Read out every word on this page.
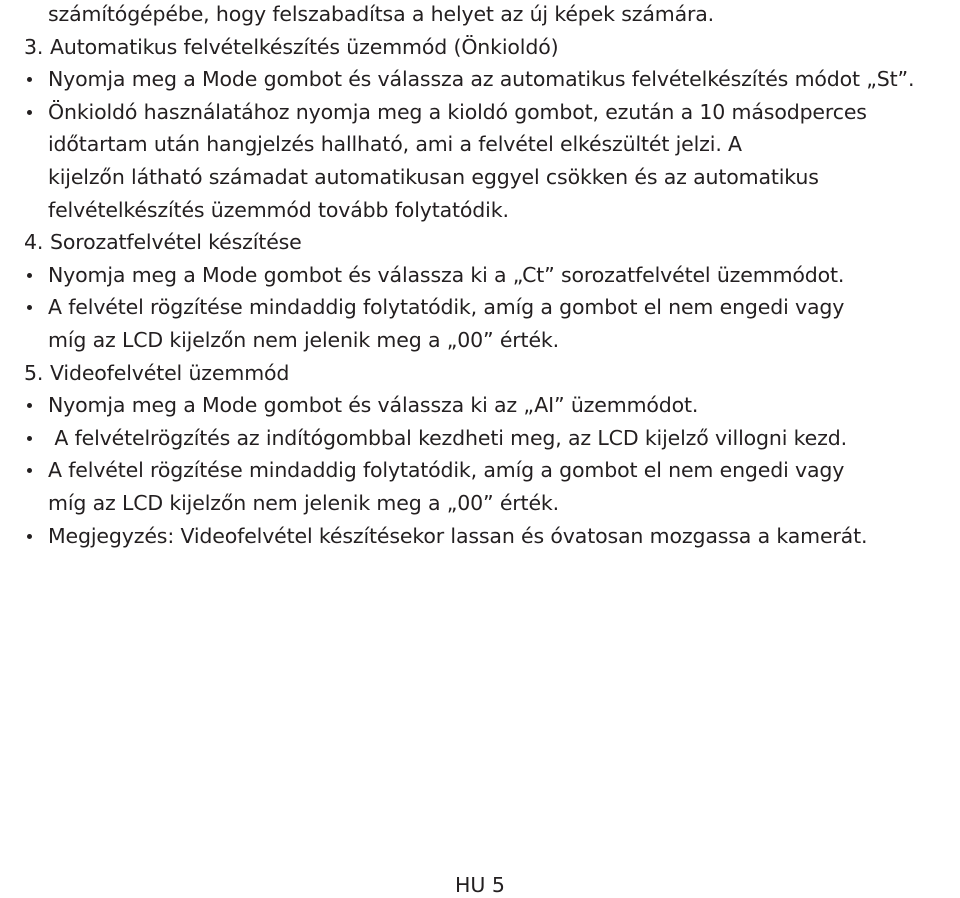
számítógépébe, hogy felszabadítsa a helyet az új képek számára.
3. Automatikus felvételkészítés üzemmód (Önkioldó)
Nyomja meg a Mode gombot és válassza az automatikus felvételkészítés módot „St”.
Önkioldó használatához nyomja meg a kioldó gombot, ezután a 10 másodperces
időtartam után hangjelzés hallható, ami a felvétel elkészültét jelzi. A
kijelzőn látható számadat automatikusan eggyel csökken és az automatikus
felvételkészítés üzemmód tovább folytatódik.
4. Sorozatfelvétel készítése
Nyomja meg a Mode gombot és válassza ki a „Ct” sorozatfelvétel üzemmódot.
A felvétel rögzítése mindaddig folytatódik, amíg a gombot el nem engedi vagy
míg az LCD kijelzőn nem jelenik meg a „00” érték.
5. Videofelvétel üzemmód
Nyomja meg a Mode gombot és válassza ki az „AI” üzemmódot.
A felvételrögzítés az indítógombbal kezdheti meg, az LCD kijelző villogni kezd.
A felvétel rögzítése mindaddig folytatódik, amíg a gombot el nem engedi vagy
míg az LCD kijelzőn nem jelenik meg a „00” érték.
Megjegyzés: Videofelvétel készítésekor lassan és óvatosan mozgassa a kamerát.
HU 5
